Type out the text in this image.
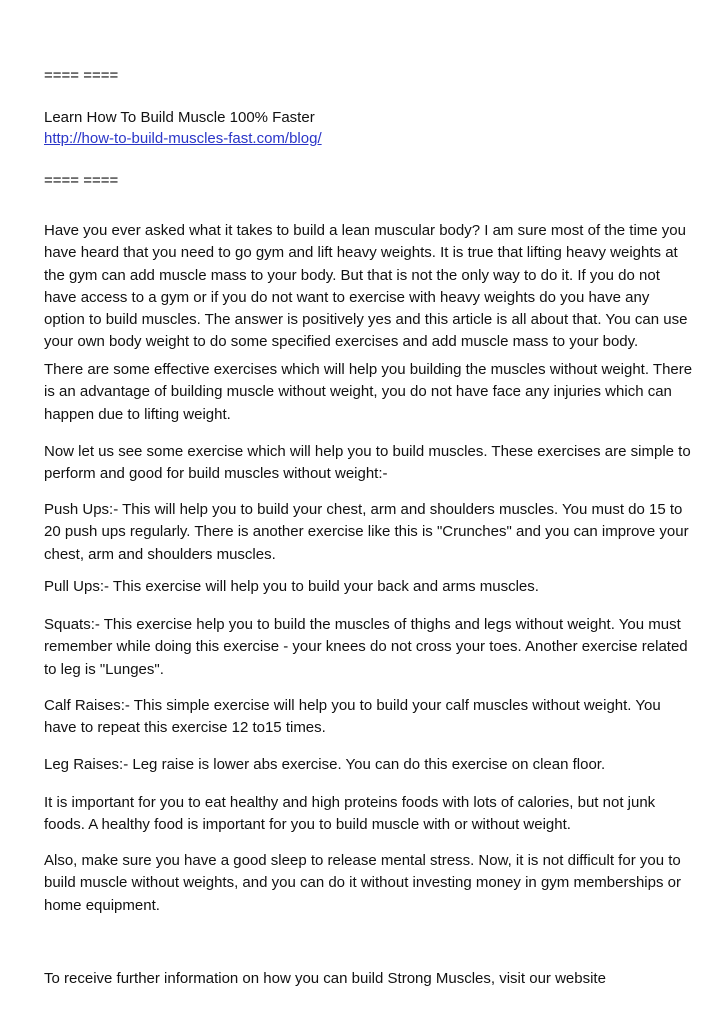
==== ====

Learn How To Build Muscle 100% Faster

http://how-to-build-muscles-fast.com/blog/

==== ====

Have you ever asked what it takes to build a lean muscular body? I am sure most of the time you have heard that you need to go gym and lift heavy weights. It is true that lifting heavy weights at the gym can add muscle mass to your body. But that is not the only way to do it. If you do not have access to a gym or if you do not want to exercise with heavy weights do you have any option to build muscles. The answer is positively yes and this article is all about that. You can use your own body weight to do some specified exercises and add muscle mass to your body.

There are some effective exercises which will help you building the muscles without weight. There is an advantage of building muscle without weight, you do not have face any injuries which can happen due to lifting weight.

Now let us see some exercise which will help you to build muscles. These exercises are simple to perform and good for build muscles without weight:-

Push Ups:- This will help you to build your chest, arm and shoulders muscles. You must do 15 to 20 push ups regularly. There is another exercise like this is "Crunches" and you can improve your chest, arm and shoulders muscles.

Pull Ups:- This exercise will help you to build your back and arms muscles.

Squats:- This exercise help you to build the muscles of thighs and legs without weight. You must remember while doing this exercise - your knees do not cross your toes. Another exercise related to leg is "Lunges".

Calf Raises:- This simple exercise will help you to build your calf muscles without weight. You have to repeat this exercise 12 to15 times.

Leg Raises:- Leg raise is lower abs exercise. You can do this exercise on clean floor.

It is important for you to eat healthy and high proteins foods with lots of calories, but not junk foods. A healthy food is important for you to build muscle with or without weight.

Also, make sure you have a good sleep to release mental stress. Now, it is not difficult for you to build muscle without weights, and you can do it without investing money in gym memberships or home equipment.

To receive further information on how you can build Strong Muscles, visit our website
